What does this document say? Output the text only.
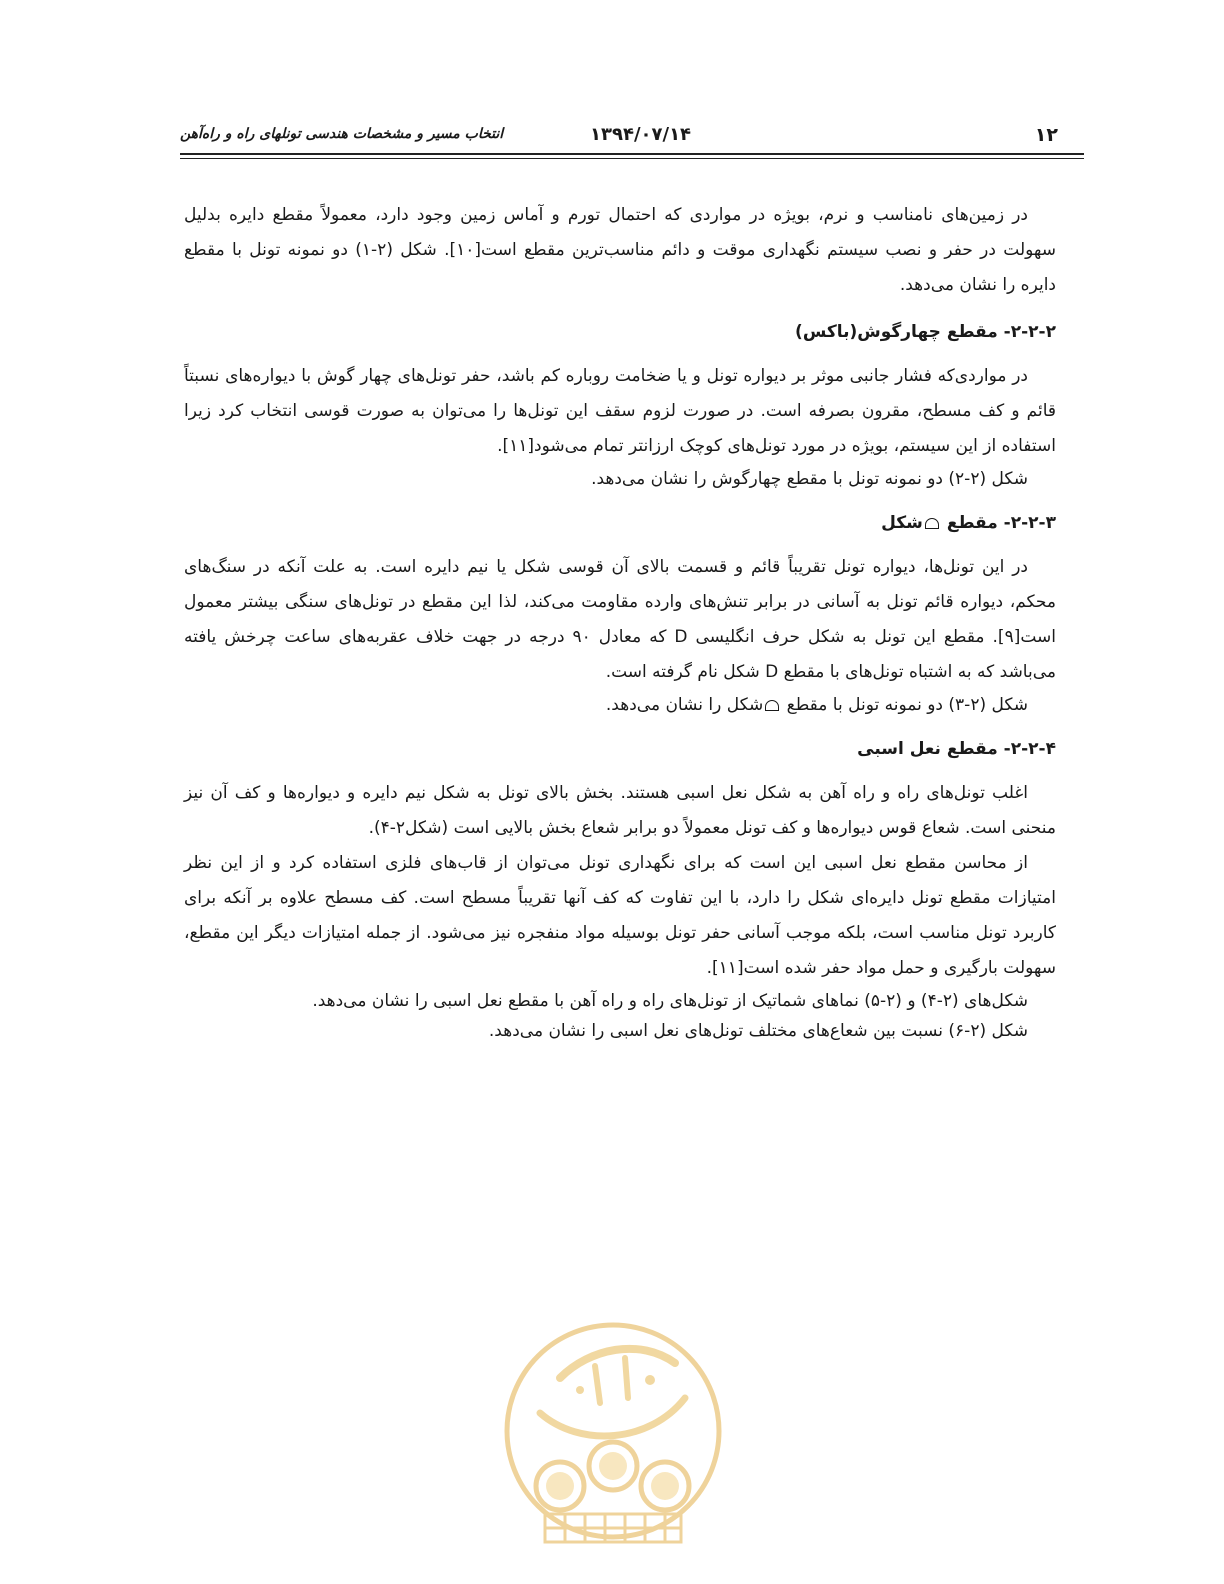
۱۲
۱۳۹۴/۰۷/۱۴
انتخاب مسیر و مشخصات هندسی تونلهای راه و راه‌آهن

در زمین‌های نامناسب و نرم، بویژه در مواردی که احتمال تورم و آماس زمین وجود دارد، معمولاً مقطع دایره بدلیل سهولت در حفر و نصب سیستم نگهداری موقت و دائم مناسب‌ترین مقطع است[۱۰]. شکل (۲-۱) دو نمونه تونل با مقطع دایره را نشان می‌دهد.

۲-۲-۲- مقطع چهارگوش(باکس)

در مواردی‌که فشار جانبی موثر بر دیواره تونل و یا ضخامت روباره کم باشد، حفر تونل‌های چهار گوش با دیواره‌های نسبتاً قائم و کف مسطح، مقرون بصرفه است. در صورت لزوم سقف این تونل‌ها را می‌توان به صورت قوسی انتخاب کرد زیرا استفاده از این سیستم، بویژه در مورد تونل‌های کوچک ارزانتر تمام می‌شود[۱۱].

شکل (۲-۲) دو نمونه تونل با مقطع چهارگوش را نشان می‌دهد.

۲-۲-۳- مقطع شکل

در این تونل‌ها، دیواره تونل تقریباً قائم و قسمت بالای آن قوسی شکل یا نیم دایره است. به علت آنکه در سنگ‌های محکم، دیواره قائم تونل به آسانی در برابر تنش‌های وارده مقاومت می‌کند، لذا این مقطع در تونل‌های سنگی بیشتر معمول است[۹]. مقطع این تونل به شکل حرف انگلیسی D که معادل ۹۰ درجه در جهت خلاف عقربه‌های ساعت چرخش یافته می‌باشد که به اشتباه تونل‌های با مقطع D شکل نام گرفته است.

شکل (۲-۳) دو نمونه تونل با مقطع شکل را نشان می‌دهد.

۲-۲-۴- مقطع نعل اسبی

اغلب تونل‌های راه و راه آهن به شکل نعل اسبی هستند. بخش بالای تونل به شکل نیم دایره و دیواره‌ها و کف آن نیز منحنی است. شعاع قوس دیواره‌ها و کف تونل معمولاً دو برابر شعاع بخش بالایی است (شکل۲-۴).

از محاسن مقطع نعل اسبی این است که برای نگهداری تونل می‌توان از قاب‌های فلزی استفاده کرد و از این نظر امتیازات مقطع تونل دایره‌ای شکل را دارد، با این تفاوت که کف آنها تقریباً مسطح است. کف مسطح علاوه بر آنکه برای کاربرد تونل مناسب است، بلکه موجب آسانی حفر تونل بوسیله مواد منفجره نیز می‌شود. از جمله امتیازات دیگر این مقطع، سهولت بارگیری و حمل مواد حفر شده است[۱۱].

شکل‌های (۲-۴) و (۲-۵) نماهای شماتیک از تونل‌های راه و راه آهن با مقطع نعل اسبی را نشان می‌دهد.

شکل (۲-۶) نسبت بین شعاع‌های مختلف تونل‌های نعل اسبی را نشان می‌دهد.
